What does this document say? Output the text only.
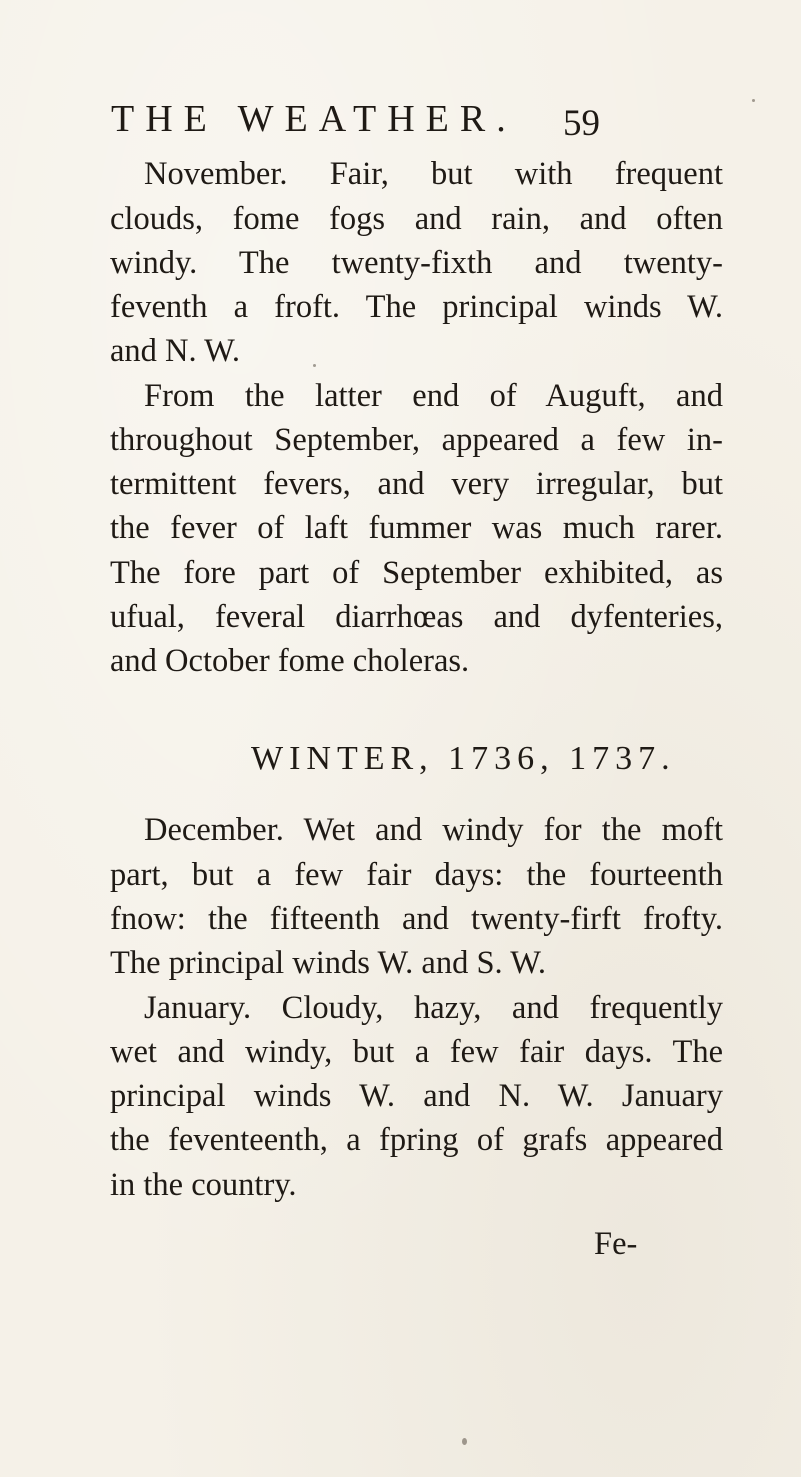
THE WEATHER.	59
November. Fair, but with frequent
clouds, fome fogs and rain, and often
windy. The twenty-fixth and twenty-
feventh a froft. The principal winds W.
and N. W.
From the latter end of Auguft, and
throughout September, appeared a few in-
termittent fevers, and very irregular, but
the fever of laft fummer was much rarer.
The fore part of September exhibited, as
ufual, feveral diarrhœas and dyfenteries,
and October fome choleras.
WINTER, 1736, 1737.
December. Wet and windy for the moft
part, but a few fair days: the fourteenth
fnow: the fifteenth and twenty-firft frofty.
The principal winds W. and S. W.
January. Cloudy, hazy, and frequently
wet and windy, but a few fair days. The
principal winds W. and N. W. January
the feventeenth, a fpring of grafs appeared
in the country.
Fe-
